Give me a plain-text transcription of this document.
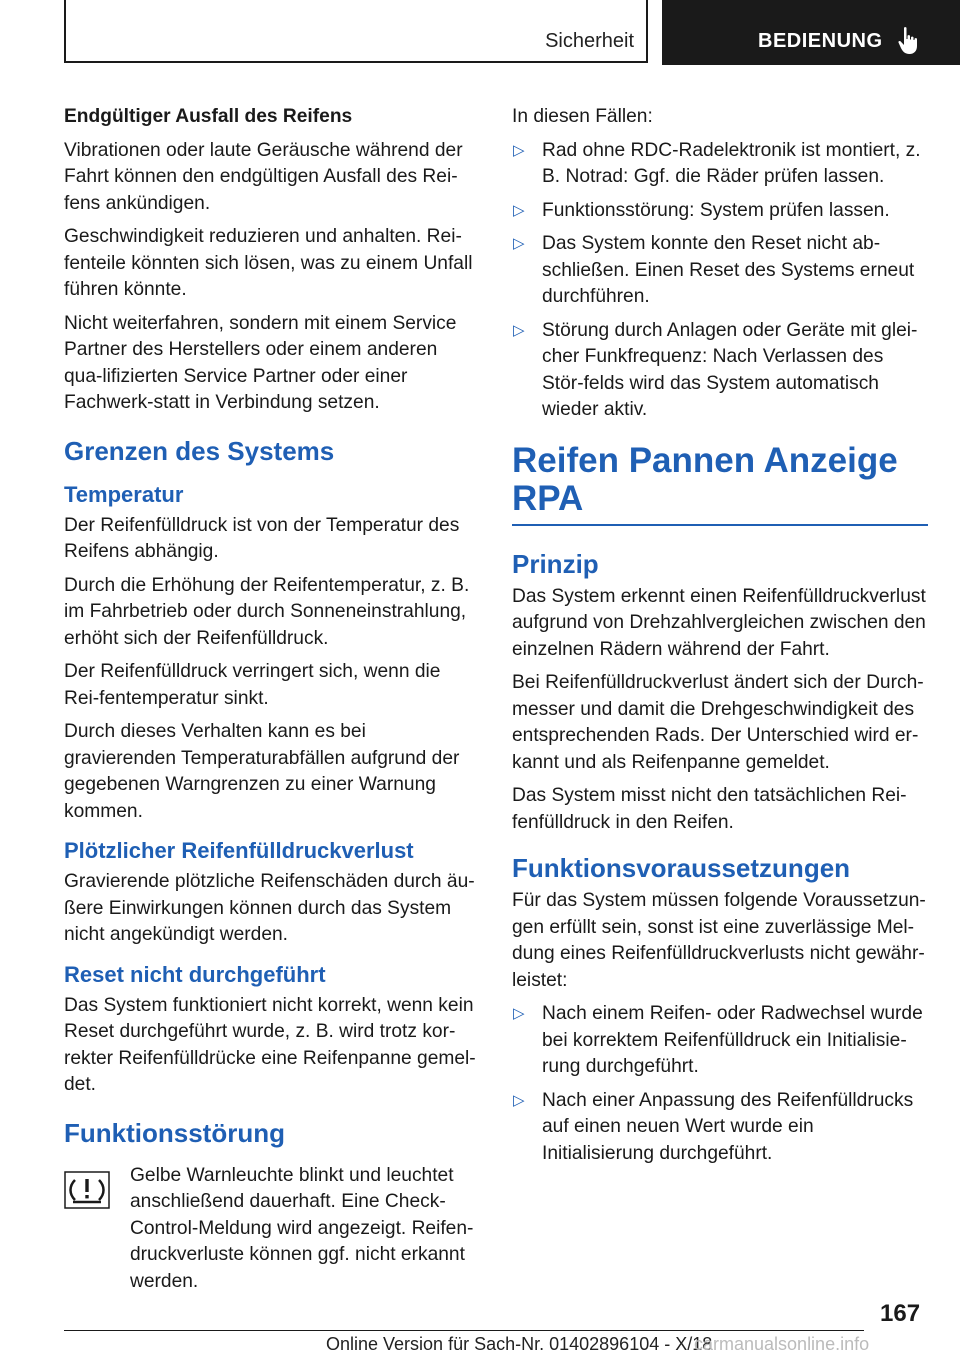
Sicherheit	BEDIENUNG

Endgültiger Ausfall des Reifens

Vibrationen oder laute Geräusche während der Fahrt können den endgültigen Ausfall des Rei-fens ankündigen.

Geschwindigkeit reduzieren und anhalten. Rei-fenteile könnten sich lösen, was zu einem Unfall führen könnte.

Nicht weiterfahren, sondern mit einem Service Partner des Herstellers oder einem anderen qua-lifizierten Service Partner oder einer Fachwerk-statt in Verbindung setzen.

Grenzen des Systems
Temperatur

Der Reifenfülldruck ist von der Temperatur des Reifens abhängig.

Durch die Erhöhung der Reifentemperatur, z. B. im Fahrbetrieb oder durch Sonneneinstrahlung, erhöht sich der Reifenfülldruck.

Der Reifenfülldruck verringert sich, wenn die Rei-fentemperatur sinkt.

Durch dieses Verhalten kann es bei gravierenden Temperaturabfällen aufgrund der gegebenen Warngrenzen zu einer Warnung kommen.

Plötzlicher Reifenfülldruckverlust

Gravierende plötzliche Reifenschäden durch äu-ßere Einwirkungen können durch das System nicht angekündigt werden.

Reset nicht durchgeführt

Das System funktioniert nicht korrekt, wenn kein Reset durchgeführt wurde, z. B. wird trotz kor-rekter Reifenfülldrücke eine Reifenpanne gemel-det.

Funktionsstörung
Gelbe Warnleuchte blinkt und leuchtet anschließend dauerhaft. Eine Check-Control-Meldung wird angezeigt. Reifen-druckverluste können ggf. nicht erkannt werden.

In diesen Fällen:

▷ Rad ohne RDC-Radelektronik ist montiert, z. B. Notrad: Ggf. die Räder prüfen lassen.
▷ Funktionsstörung: System prüfen lassen.
▷ Das System konnte den Reset nicht ab-schließen. Einen Reset des Systems erneut durchführen.
▷ Störung durch Anlagen oder Geräte mit glei-cher Funkfrequenz: Nach Verlassen des Stör-felds wird das System automatisch wieder aktiv.
Reifen Pannen Anzeige RPA
Prinzip

Das System erkennt einen Reifenfülldruckverlust aufgrund von Drehzahlvergleichen zwischen den einzelnen Rädern während der Fahrt.

Bei Reifenfülldruckverlust ändert sich der Durch-messer und damit die Drehgeschwindigkeit des entsprechenden Rads. Der Unterschied wird er-kannt und als Reifenpanne gemeldet.

Das System misst nicht den tatsächlichen Rei-fenfülldruck in den Reifen.

Funktionsvoraussetzungen

Für das System müssen folgende Voraussetzun-gen erfüllt sein, sonst ist eine zuverlässige Mel-dung eines Reifenfülldruckverlusts nicht gewähr-leistet:

▷ Nach einem Reifen- oder Radwechsel wurde bei korrektem Reifenfülldruck ein Initialisie-rung durchgeführt.
▷ Nach einer Anpassung des Reifenfülldrucks auf einen neuen Wert wurde ein Initialisierung durchgeführt.
167
Online Version für Sach-Nr. 01402896104 - X/18
carmanualsonline.info
